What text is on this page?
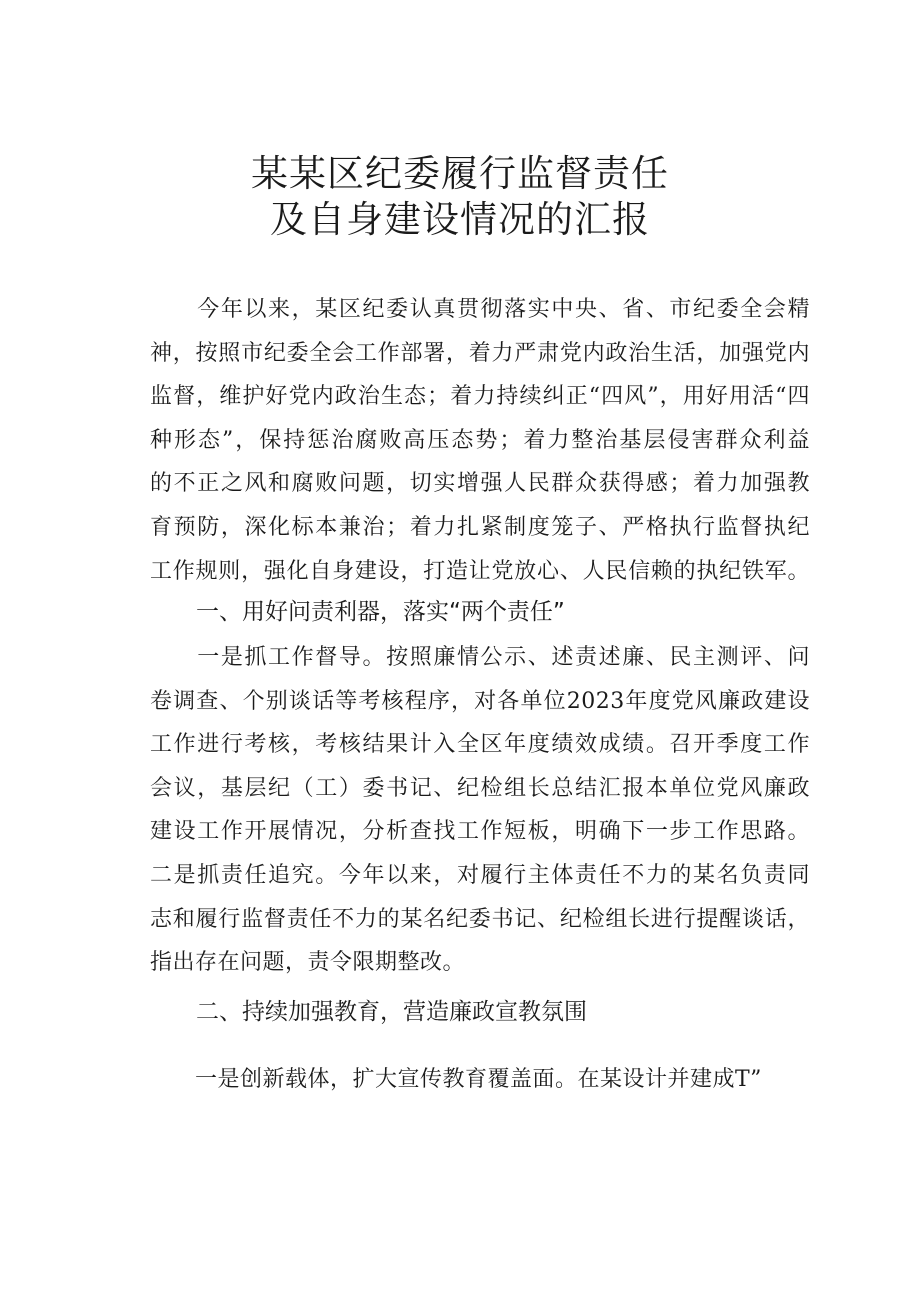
某某区纪委履行监督责任
及自身建设情况的汇报
　　今年以来，某区纪委认真贯彻落实中央、省、市纪委全会精
神，按照市纪委全会工作部署，着力严肃党内政治生活，加强党内
监督，维护好党内政治生态；着力持续纠正“四风”，用好用活“四
种形态”，保持惩治腐败高压态势；着力整治基层侵害群众利益
的不正之风和腐败问题，切实增强人民群众获得感；着力加强教
育预防，深化标本兼治；着力扎紧制度笼子、严格执行监督执纪
工作规则，强化自身建设，打造让党放心、人民信赖的执纪铁军。
一、用好问责利器，落实“两个责任”
　　一是抓工作督导。按照廉情公示、述责述廉、民主测评、问
卷调查、个别谈话等考核程序，对各单位2023年度党风廉政建设
工作进行考核，考核结果计入全区年度绩效成绩。召开季度工作
会议，基层纪（工）委书记、纪检组长总结汇报本单位党风廉政
建设工作开展情况，分析查找工作短板，明确下一步工作思路。
二是抓责任追究。今年以来，对履行主体责任不力的某名负责同
志和履行监督责任不力的某名纪委书记、纪检组长进行提醒谈话，
指出存在问题，责令限期整改。
二、持续加强教育，营造廉政宣教氛围
　　一是创新载体，扩大宣传教育覆盖面。在某设计并建成T”
